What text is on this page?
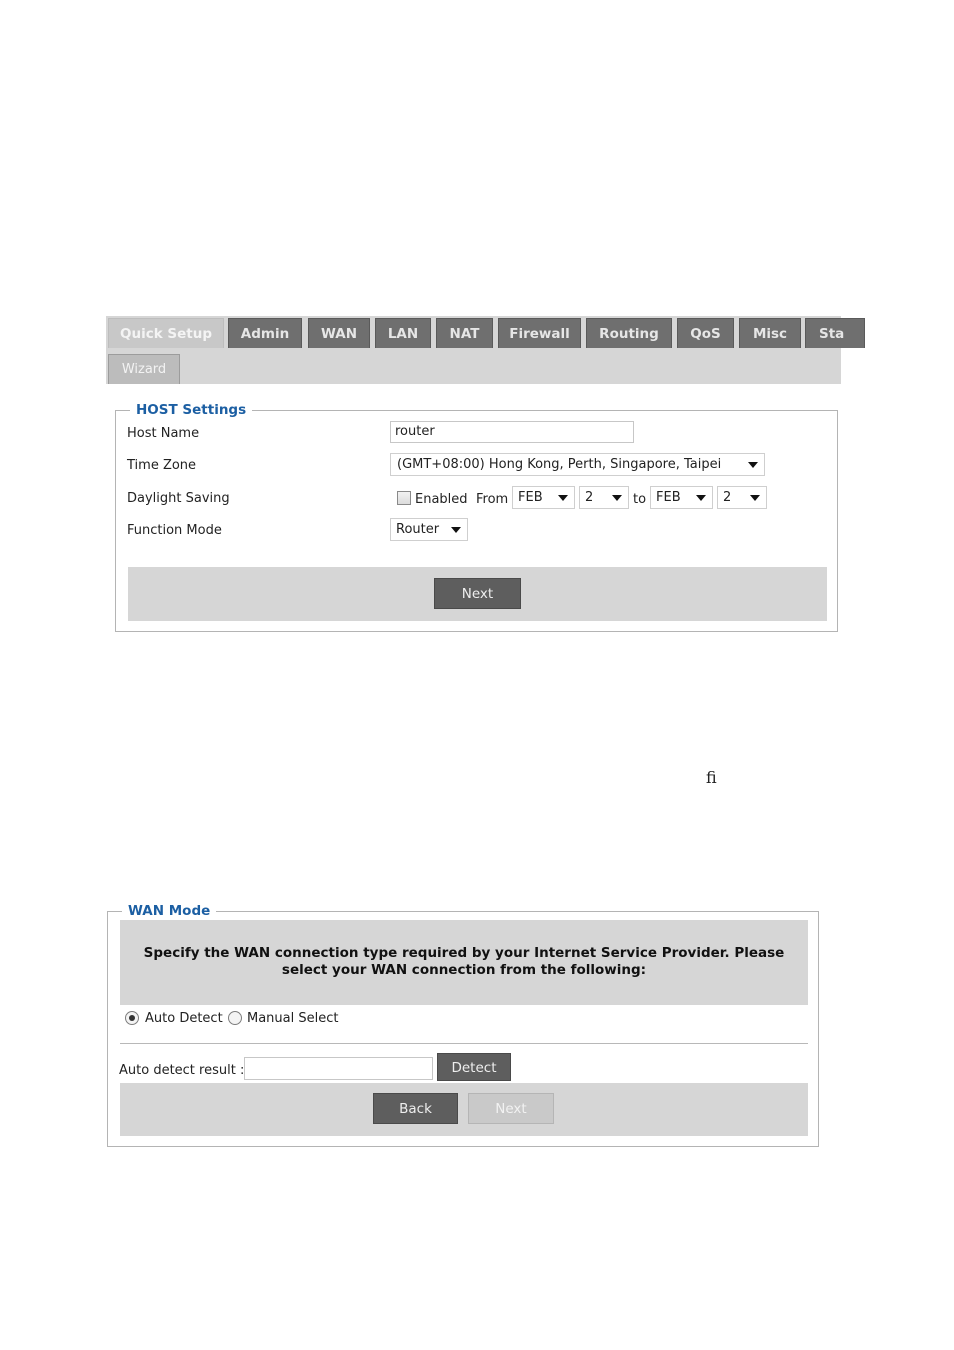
Quick Setup	Admin	WAN	LAN	NAT	Firewall	Routing	QoS	Misc	Sta
Wizard
HOST Settings
Host Name	router
Time Zone	(GMT+08:00) Hong Kong, Perth, Singapore, Taipei
Daylight Saving	Enabled From FEB	2	to FEB	2
Function Mode	Router
Next
ﬁ
WAN Mode
Specify the WAN connection type required by your Internet Service Provider. Please
select your WAN connection from the following:
Auto Detect Manual Select
Auto detect result :	Detect
Back	Next
